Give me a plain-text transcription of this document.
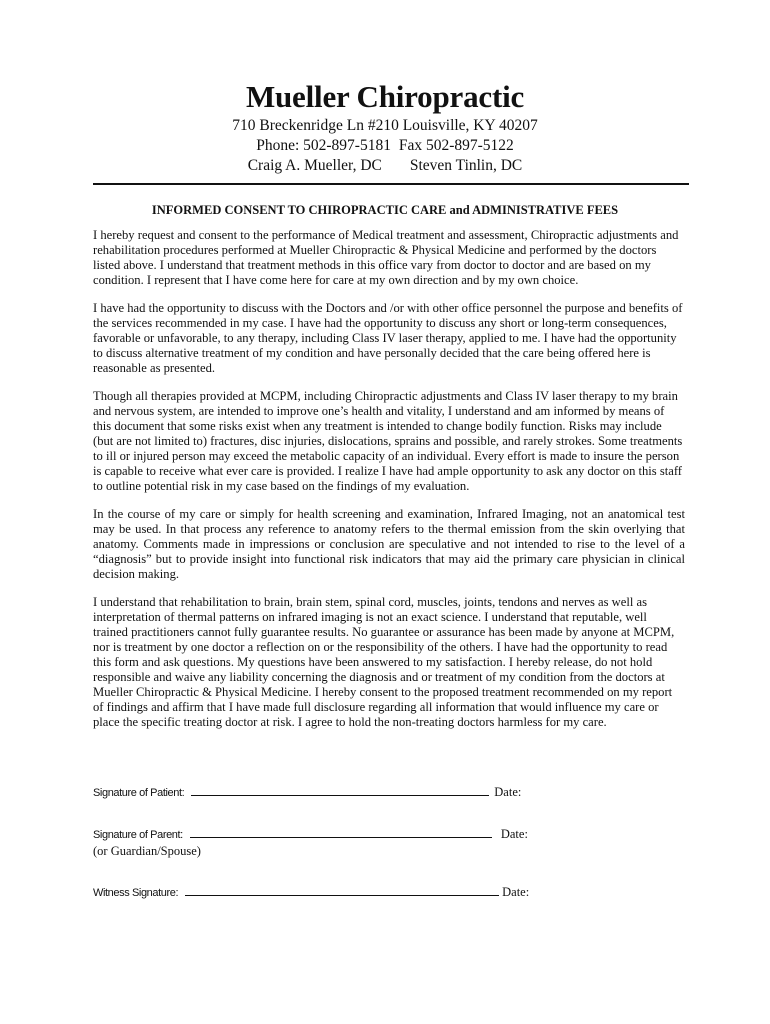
Mueller Chiropractic
710 Breckenridge Ln #210 Louisville, KY 40207
Phone: 502-897-5181 Fax 502-897-5122
Craig A. Mueller, DC Steven Tinlin, DC
INFORMED CONSENT TO CHIROPRACTIC CARE and ADMINISTRATIVE FEES

I hereby request and consent to the performance of Medical treatment and assessment, Chiropractic adjustments and rehabilitation procedures performed at Mueller Chiropractic & Physical Medicine and performed by the doctors listed above. I understand that treatment methods in this office vary from doctor to doctor and are based on my condition. I represent that I have come here for care at my own direction and by my own choice.

I have had the opportunity to discuss with the Doctors and /or with other office personnel the purpose and benefits of the services recommended in my case. I have had the opportunity to discuss any short or long-term consequences, favorable or unfavorable, to any therapy, including Class IV laser therapy, applied to me. I have had the opportunity to discuss alternative treatment of my condition and have personally decided that the care being offered here is reasonable as presented.

Though all therapies provided at MCPM, including Chiropractic adjustments and Class IV laser therapy to my brain and nervous system, are intended to improve one’s health and vitality, I understand and am informed by means of this document that some risks exist when any treatment is intended to change bodily function. Risks may include (but are not limited to) fractures, disc injuries, dislocations, sprains and possible, and rarely strokes. Some treatments to ill or injured person may exceed the metabolic capacity of an individual. Every effort is made to insure the person is capable to receive what ever care is provided. I realize I have had ample opportunity to ask any doctor on this staff to outline potential risk in my case based on the findings of my evaluation.

In the course of my care or simply for health screening and examination, Infrared Imaging, not an anatomical test may be used. In that process any reference to anatomy refers to the thermal emission from the skin overlying that anatomy. Comments made in impressions or conclusion are speculative and not intended to rise to the level of a “diagnosis” but to provide insight into functional risk indicators that may aid the primary care physician in clinical decision making.

I understand that rehabilitation to brain, brain stem, spinal cord, muscles, joints, tendons and nerves as well as interpretation of thermal patterns on infrared imaging is not an exact science. I understand that reputable, well trained practitioners cannot fully guarantee results. No guarantee or assurance has been made by anyone at MCPM, nor is treatment by one doctor a reflection on or the responsibility of the others. I have had the opportunity to read this form and ask questions. My questions have been answered to my satisfaction. I hereby release, do not hold responsible and waive any liability concerning the diagnosis and or treatment of my condition from the doctors at Mueller Chiropractic & Physical Medicine. I hereby consent to the proposed treatment recommended on my report of findings and affirm that I have made full disclosure regarding all information that would influence my care or place the specific treating doctor at risk. I agree to hold the non-treating doctors harmless for my care.

Signature of Patient:	Date:
Signature of Parent:	Date:
(or Guardian/Spouse)
Witness Signature:	Date:
